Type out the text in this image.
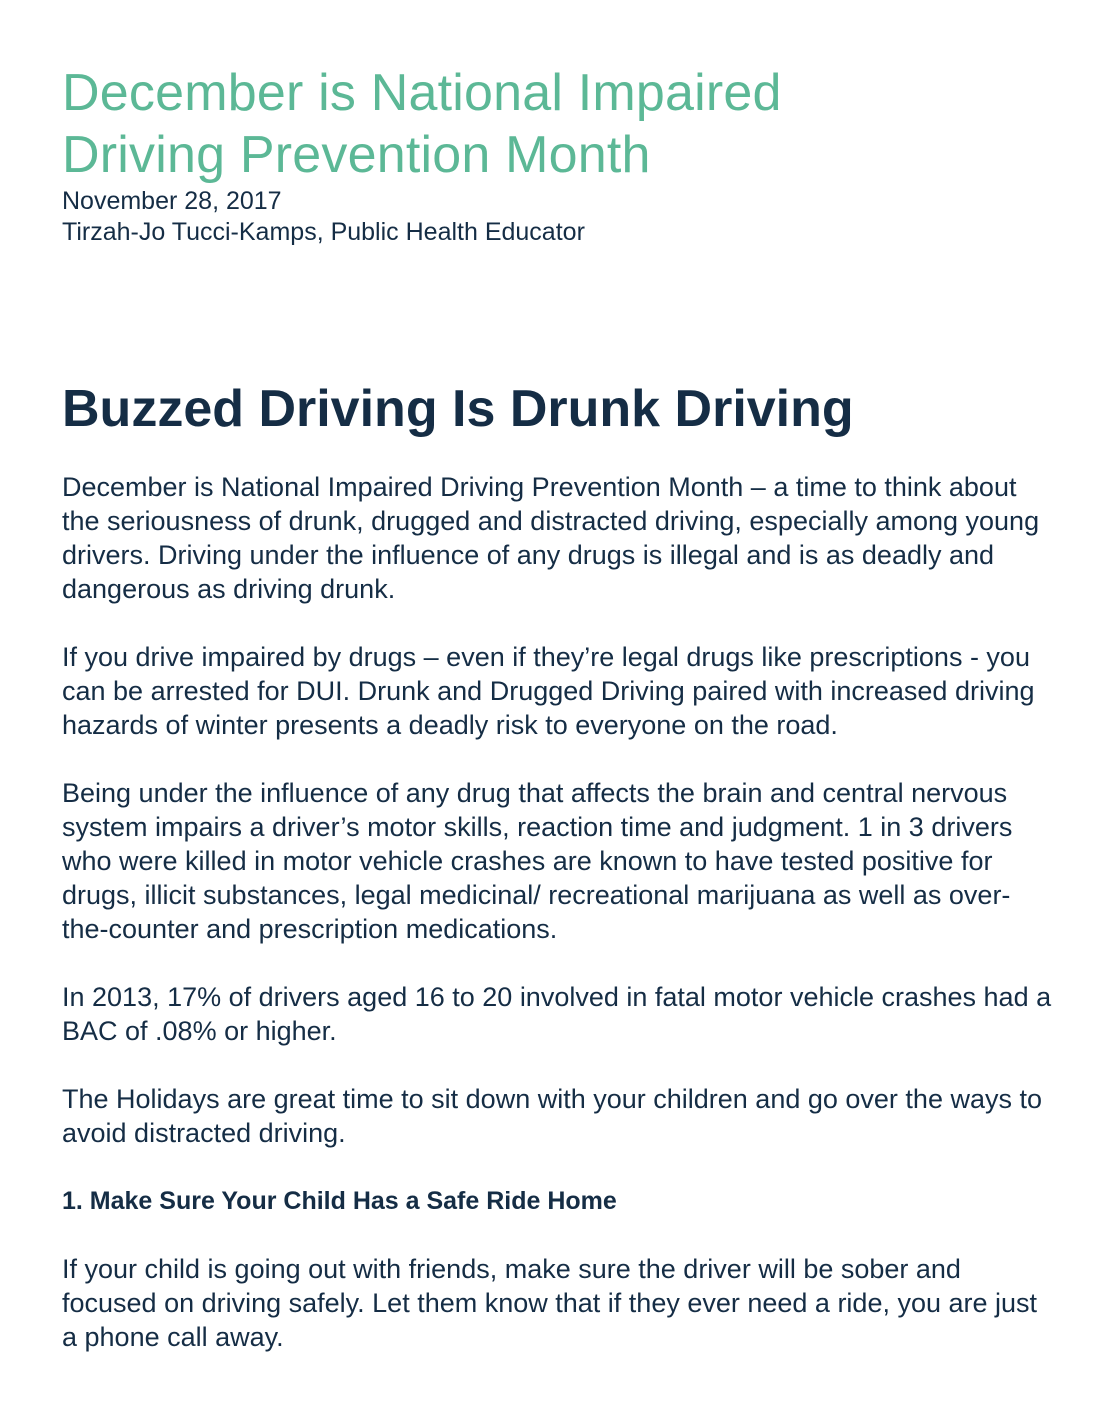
December is National Impaired
Driving Prevention Month
November 28, 2017
Tirzah-Jo Tucci-Kamps, Public Health Educator
Buzzed Driving Is Drunk Driving

December is National Impaired Driving Prevention Month – a time to think about the seriousness of drunk, drugged and distracted driving, especially among young drivers. Driving under the influence of any drugs is illegal and is as deadly and dangerous as driving drunk.

If you drive impaired by drugs – even if they’re legal drugs like prescriptions - you can be arrested for DUI. Drunk and Drugged Driving paired with increased driving hazards of winter presents a deadly risk to everyone on the road.

Being under the influence of any drug that affects the brain and central nervous system impairs a driver’s motor skills, reaction time and judgment. 1 in 3 drivers who were killed in motor vehicle crashes are known to have tested positive for drugs, illicit substances, legal medicinal/ recreational marijuana as well as over-the-counter and prescription medications.

In 2013, 17% of drivers aged 16 to 20 involved in fatal motor vehicle crashes had a BAC of .08% or higher.

The Holidays are great time to sit down with your children and go over the ways to avoid distracted driving.

1. Make Sure Your Child Has a Safe Ride Home

If your child is going out with friends, make sure the driver will be sober and focused on driving safely. Let them know that if they ever need a ride, you are just a phone call away.
